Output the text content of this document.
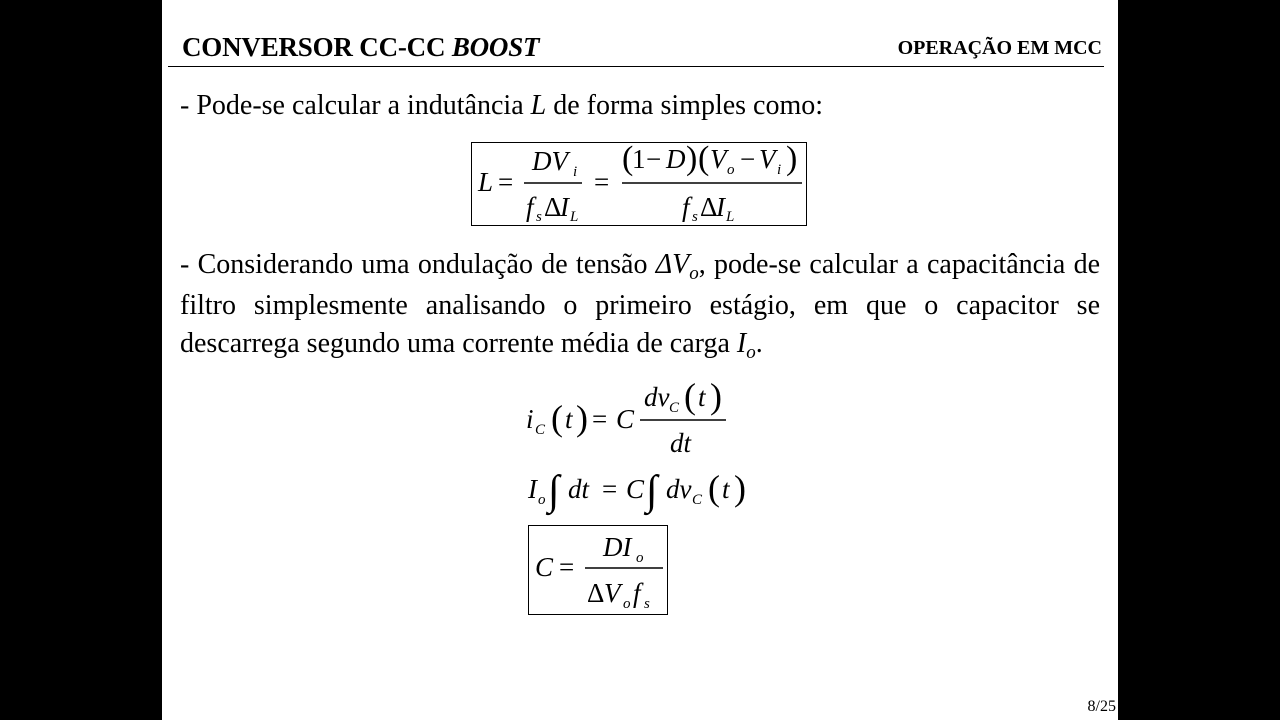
CONVERSOR CC-CC BOOST	OPERAÇÃO EM MCC
- Pode-se calcular a indutância L de forma simples como:
L =
DV i
f s Δ
I L
=
(
1 − D ) ( V o − V i )
f s Δ
I L
- Considerando uma ondulação de tensão $\Delta V_o$, pode-se calcular a capacitância de filtro simplesmente analisando o primeiro estágio, em que o capacitor se descarrega segundo uma corrente média de carga $I_o$.
i C ( t ) = C
dv C ( t )
dt
I o ∫ dt = C ∫ dv C ( t )
C =
DI o
Δ V o f s
8/25
